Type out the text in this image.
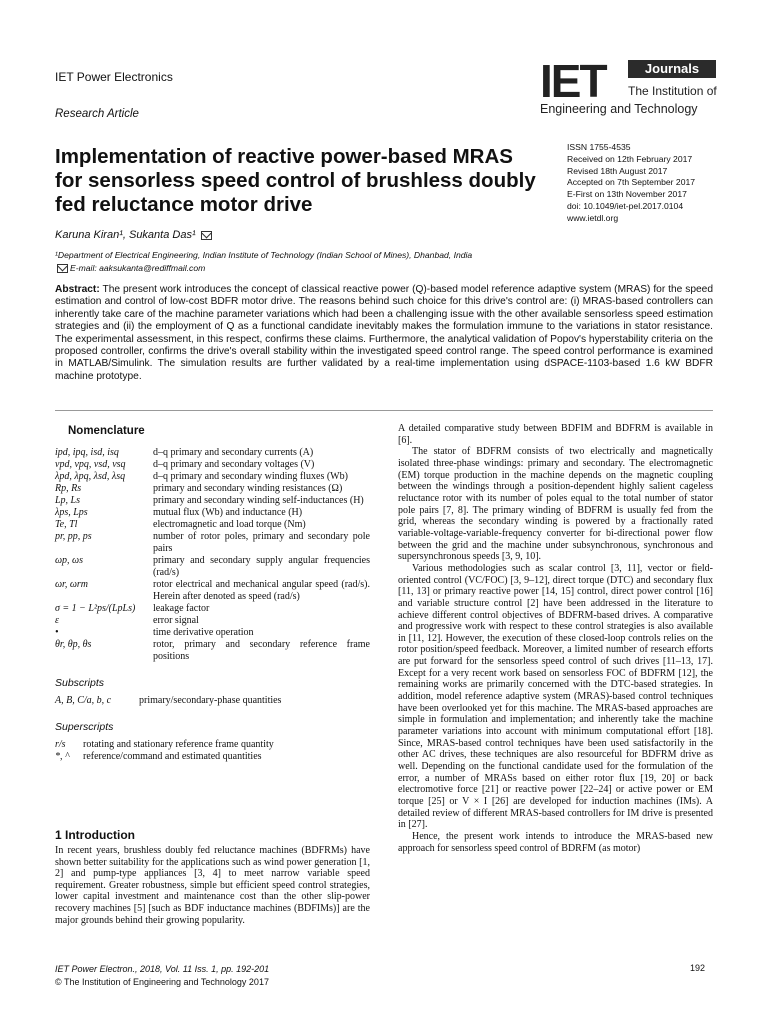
IET Power Electronics
Research Article
IET	Journals
The Institution of
Engineering and Technology
Implementation of reactive power-based MRAS for sensorless speed control of brushless doubly fed reluctance motor drive
ISSN 1755-4535
Received on 12th February 2017
Revised 18th August 2017
Accepted on 7th September 2017
E-First on 13th November 2017
doi: 10.1049/iet-pel.2017.0104
www.ietdl.org
Karuna Kiran¹, Sukanta Das¹
¹Department of Electrical Engineering, Indian Institute of Technology (Indian School of Mines), Dhanbad, India
E-mail: aaksukanta@rediffmail.com
Abstract: The present work introduces the concept of classical reactive power (Q)-based model reference adaptive system (MRAS) for the speed estimation and control of low-cost BDFR motor drive. The reasons behind such choice for this drive's control are: (i) MRAS-based controllers can inherently take care of the machine parameter variations which had been a challenging issue with the other available sensorless speed estimation strategies and (ii) the employment of Q as a functional candidate inevitably makes the formulation immune to the variations in stator resistance. The experimental assessment, in this respect, confirms these claims. Furthermore, the analytical validation of Popov's hyperstability criteria on the proposed controller, confirms the drive's overall stability within the investigated speed control range. The speed control performance is examined in MATLAB/Simulink. The simulation results are further validated by a real-time implementation using dSPACE-1103-based 1.6 kW BDFR machine prototype.
Nomenclature
ipd, ipq, isd, isq	d–q primary and secondary currents (A)
vpd, vpq, vsd, vsq	d–q primary and secondary voltages (V)
λpd, λpq, λsd, λsq	d–q primary and secondary winding fluxes (Wb)
Rp, Rs	primary and secondary winding resistances (Ω)
Lp, Ls	primary and secondary winding self-inductances (H)
λps, Lps	mutual flux (Wb) and inductance (H)
Te, Tl	electromagnetic and load torque (Nm)
pr, pp, ps	number of rotor poles, primary and secondary pole pairs
ωp, ωs	primary and secondary supply angular frequencies (rad/s)
ωr, ωrm	rotor electrical and mechanical angular speed (rad/s). Herein after denoted as speed (rad/s)
σ = 1 − L²ps/(LpLs)	leakage factor
ε	error signal
•	time derivative operation
θr, θp, θs	rotor, primary and secondary reference frame positions
Subscripts
A, B, C/a, b, c	primary/secondary-phase quantities
Superscripts
r/s	rotating and stationary reference frame quantity
*, ^	reference/command and estimated quantities
1 Introduction
In recent years, brushless doubly fed reluctance machines (BDFRMs) have shown better suitability for the applications such as wind power generation [1, 2] and pump-type appliances [3, 4] to meet narrow variable speed requirement. Greater robustness, simple but efficient speed control strategies, lower capital investment and maintenance cost than the other slip-power recovery machines [5] [such as BDF inductance machines (BDFIMs)] are the major grounds behind their growing popularity.

A detailed comparative study between BDFIM and BDFRM is available in [6].

The stator of BDFRM consists of two electrically and magnetically isolated three-phase windings: primary and secondary. The electromagnetic (EM) torque production in the machine depends on the magnetic coupling between the windings through a position-dependent highly salient cageless reluctance rotor with its number of poles equal to the total number of stator pole pairs [7, 8]. The primary winding of BDFRM is usually fed from the grid, whereas the secondary winding is powered by a fractionally rated variable-voltage-variable-frequency converter for bi-directional power flow between the grid and the machine under subsynchronous, synchronous and supersynchronous speeds [3, 9, 10].

Various methodologies such as scalar control [3, 11], vector or field-oriented control (VC/FOC) [3, 9–12], direct torque (DTC) and secondary flux [11, 13] or primary reactive power [14, 15] control, direct power control [16] and variable structure control [2] have been addressed in the literature to achieve different control objectives of BDFRM-based drives. A comparative and progressive work with respect to these control strategies is also available in [11, 12]. However, the execution of these closed-loop controls relies on the rotor position/speed feedback. Moreover, a limited number of research efforts are put forward for the sensorless speed control of such drives [11–13, 17]. Except for a very recent work based on sensorless FOC of BDFRM [12], the remaining works are primarily concerned with the DTC-based strategies. In addition, model reference adaptive system (MRAS)-based control techniques have been overlooked yet for this machine. The MRAS-based approaches are simple in formulation and implementation; and inherently take the machine parameter variations into account with minimum computational effort [18]. Since, MRAS-based control techniques have been used satisfactorily in the other AC drives, these techniques are also resourceful for BDFRM drive as well. Depending on the functional candidate used for the formulation of the error, a number of MRASs based on either rotor flux [19, 20] or back electromotive force [21] or reactive power [22–24] or active power or EM torque [25] or V × I [26] are developed for induction machines (IMs). A detailed review of different MRAS-based controllers for IM drive is presented in [27].

Hence, the present work intends to introduce the MRAS-based new approach for sensorless speed control of BDRFM (as motor)

IET Power Electron., 2018, Vol. 11 Iss. 1, pp. 192-201
© The Institution of Engineering and Technology 2017
192
